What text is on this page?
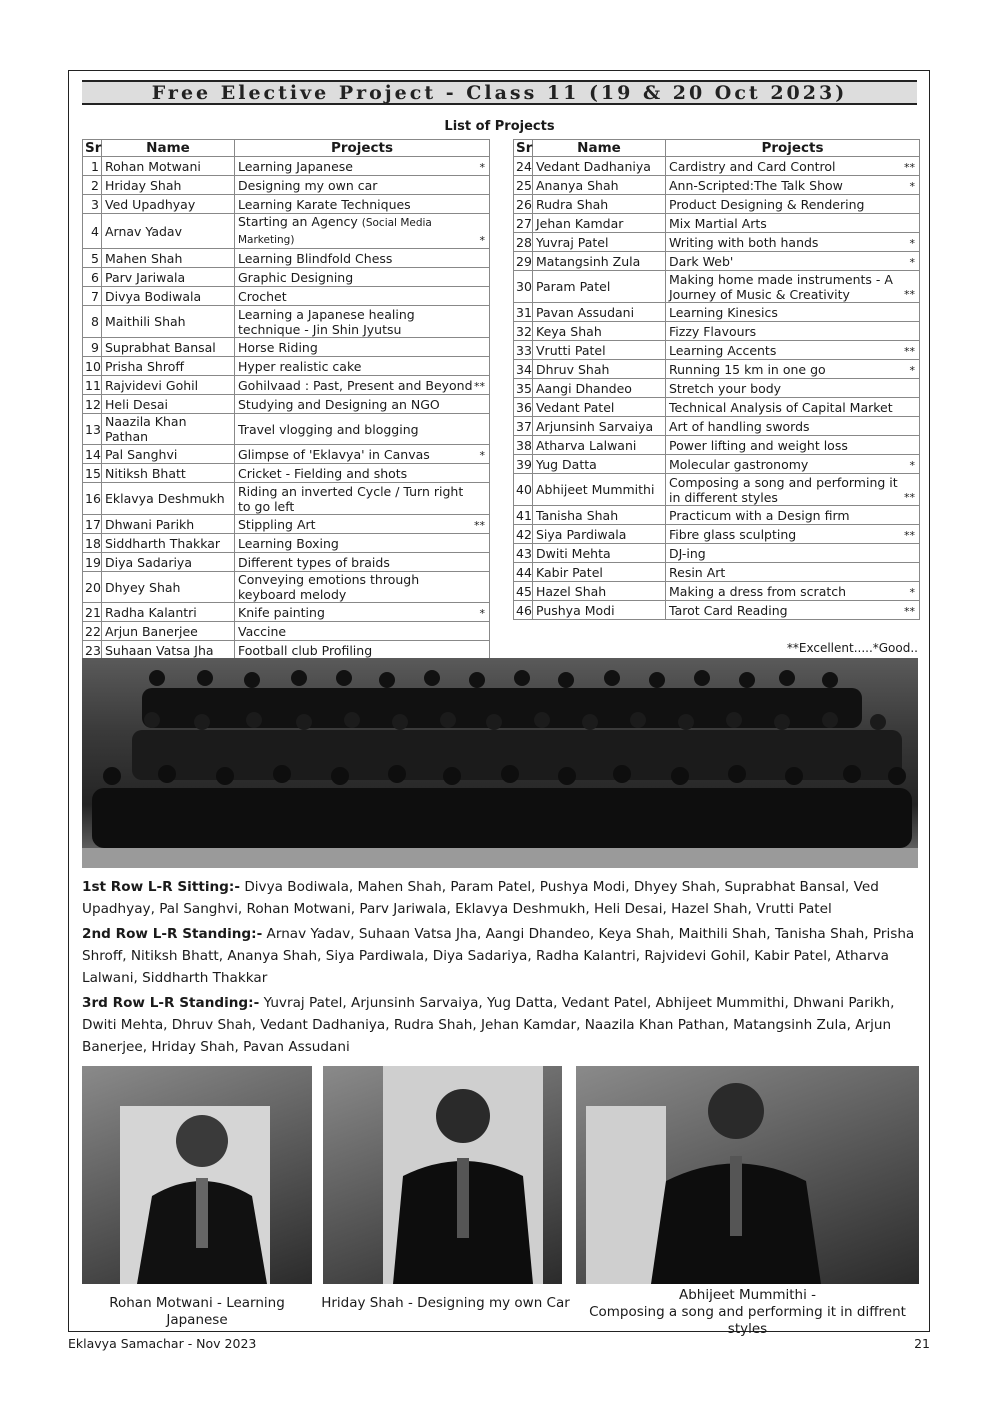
Free Elective Project - Class 11 (19 & 20 Oct 2023)
List of Projects
Sr	Name	Projects
1	Rohan Motwani	Learning Japanese *

2	Hriday Shah	Designing my own car
3	Ved Upadhyay	Learning Karate Techniques
4	Arnav Yadav	Starting an Agency (Social Media Marketing) *

5	Mahen Shah	Learning Blindfold Chess
6	Parv Jariwala	Graphic Designing
7	Divya Bodiwala	Crochet
8	Maithili Shah	Learning a Japanese healing technique - Jin Shin Jyutsu
9	Suprabhat Bansal	Horse Riding
10	Prisha Shroff	Hyper realistic cake
11	Rajvidevi Gohil	Gohilvaad : Past, Present and Beyond **

12	Heli Desai	Studying and Designing an NGO
13	Naazila Khan Pathan	Travel vlogging and blogging
14	Pal Sanghvi	Glimpse of 'Eklavya' in Canvas *

15	Nitiksh Bhatt	Cricket - Fielding and shots
16	Eklavya Deshmukh	Riding an inverted Cycle / Turn right to go left
17	Dhwani Parikh	Stippling Art **

18	Siddharth Thakkar	Learning Boxing
19	Diya Sadariya	Different types of braids
20	Dhyey Shah	Conveying emotions through keyboard melody
21	Radha Kalantri	Knife painting *

22	Arjun Banerjee	Vaccine
23	Suhaan Vatsa Jha	Football club Profiling
Sr	Name	Projects
24	Vedant Dadhaniya	Cardistry and Card Control **

25	Ananya Shah	Ann-Scripted:The Talk Show *

26	Rudra Shah	Product Designing & Rendering
27	Jehan Kamdar	Mix Martial Arts
28	Yuvraj Patel	Writing with both hands *

29	Matangsinh Zula	Dark Web' *

30	Param Patel	Making home made instruments - A Journey of Music & Creativity **

31	Pavan Assudani	Learning Kinesics
32	Keya Shah	Fizzy Flavours
33	Vrutti Patel	Learning Accents **

34	Dhruv Shah	Running 15 km in one go *

35	Aangi Dhandeo	Stretch your body
36	Vedant Patel	Technical Analysis of Capital Market
37	Arjunsinh Sarvaiya	Art of handling swords
38	Atharva Lalwani	Power lifting and weight loss
39	Yug Datta	Molecular gastronomy *

40	Abhijeet Mummithi	Composing a song and performing it in different styles **

41	Tanisha Shah	Practicum with a Design firm
42	Siya Pardiwala	Fibre glass sculpting **

43	Dwiti Mehta	DJ-ing
44	Kabir Patel	Resin Art
45	Hazel Shah	Making a dress from scratch *

46	Pushya Modi	Tarot Card Reading **
**Excellent.....*Good..

1st Row L-R Sitting:- Divya Bodiwala, Mahen Shah, Param Patel, Pushya Modi, Dhyey Shah, Suprabhat Bansal, Ved Upadhyay, Pal Sanghvi, Rohan Motwani, Parv Jariwala, Eklavya Deshmukh, Heli Desai, Hazel Shah, Vrutti Patel

2nd Row L-R Standing:- Arnav Yadav, Suhaan Vatsa Jha, Aangi Dhandeo, Keya Shah, Maithili Shah, Tanisha Shah, Prisha Shroff, Nitiksh Bhatt, Ananya Shah, Siya Pardiwala, Diya Sadariya, Radha Kalantri, Rajvidevi Gohil, Kabir Patel, Atharva Lalwani, Siddharth Thakkar

3rd Row L-R Standing:- Yuvraj Patel, Arjunsinh Sarvaiya, Yug Datta, Vedant Patel, Abhijeet Mummithi, Dhwani Parikh, Dwiti Mehta, Dhruv Shah, Vedant Dadhaniya, Rudra Shah, Jehan Kamdar, Naazila Khan Pathan, Matangsinh Zula, Arjun Banerjee, Hriday Shah, Pavan Assudani

Rohan Motwani - Learning
Japanese
Hriday Shah - Designing my own Car	Abhijeet Mummithi -
Composing a song and performing it in diffrent styles
Eklavya Samachar - Nov 2023	21
